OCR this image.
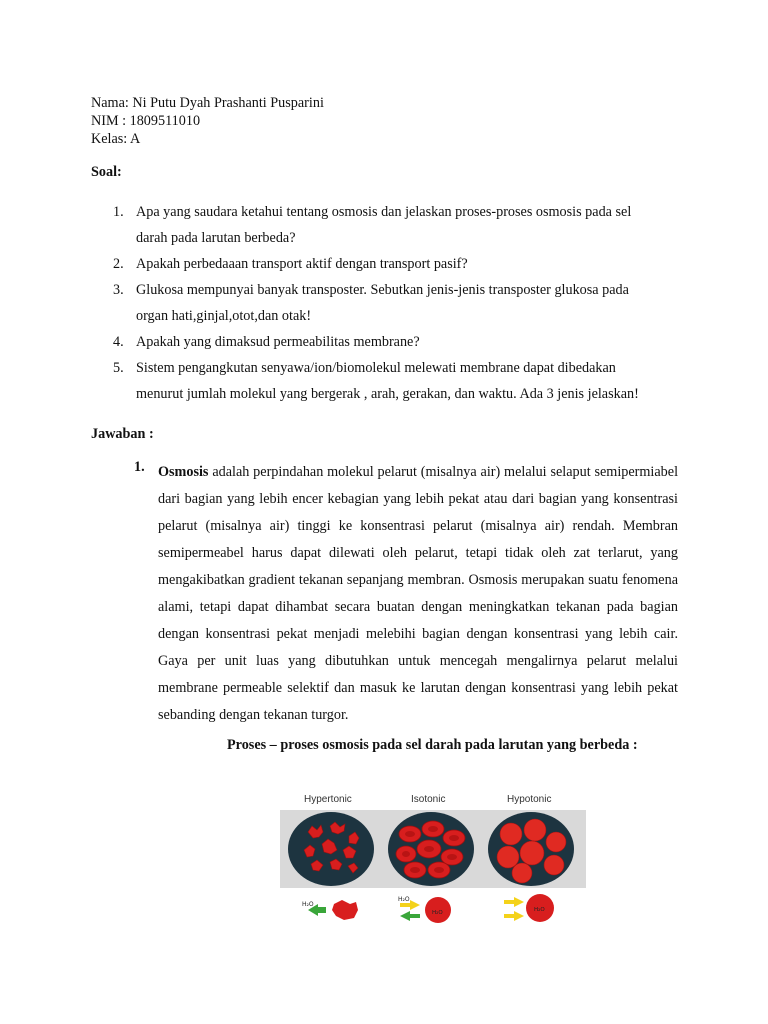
Nama: Ni Putu Dyah Prashanti Pusparini
NIM : 1809511010
Kelas: A
Soal:
1. Apa yang saudara ketahui tentang osmosis dan jelaskan proses-proses osmosis pada sel
darah pada larutan berbeda?
2. Apakah perbedaaan transport aktif dengan transport pasif?
3. Glukosa mempunyai banyak transposter. Sebutkan jenis-jenis transposter glukosa pada
organ hati,ginjal,otot,dan otak!
4. Apakah yang dimaksud permeabilitas membrane?
5. Sistem pengangkutan senyawa/ion/biomolekul melewati membrane dapat dibedakan
menurut jumlah molekul yang bergerak , arah, gerakan, dan waktu. Ada 3 jenis jelaskan!
Jawaban :
1. Osmosis adalah perpindahan molekul pelarut (misalnya air) melalui selaput semipermiabel dari bagian yang lebih encer kebagian yang lebih pekat atau dari bagian yang konsentrasi pelarut (misalnya air) tinggi ke konsentrasi pelarut (misalnya air) rendah. Membran semipermeabel harus dapat dilewati oleh pelarut, tetapi tidak oleh zat terlarut, yang mengakibatkan gradient tekanan sepanjang membran. Osmosis merupakan suatu fenomena alami, tetapi dapat dihambat secara buatan dengan meningkatkan tekanan pada bagian dengan konsentrasi pekat menjadi melebihi bagian dengan konsentrasi yang lebih cair. Gaya per unit luas yang dibutuhkan untuk mencegah mengalirnya pelarut melalui membrane permeable selektif dan masuk ke larutan dengan konsentrasi yang lebih pekat sebanding dengan tekanan turgor.

Proses – proses osmosis pada sel darah pada larutan yang berbeda :
Hypertonic	Isotonic	Hypotonic
H₂O
H₂O
H₂O	H₂O
